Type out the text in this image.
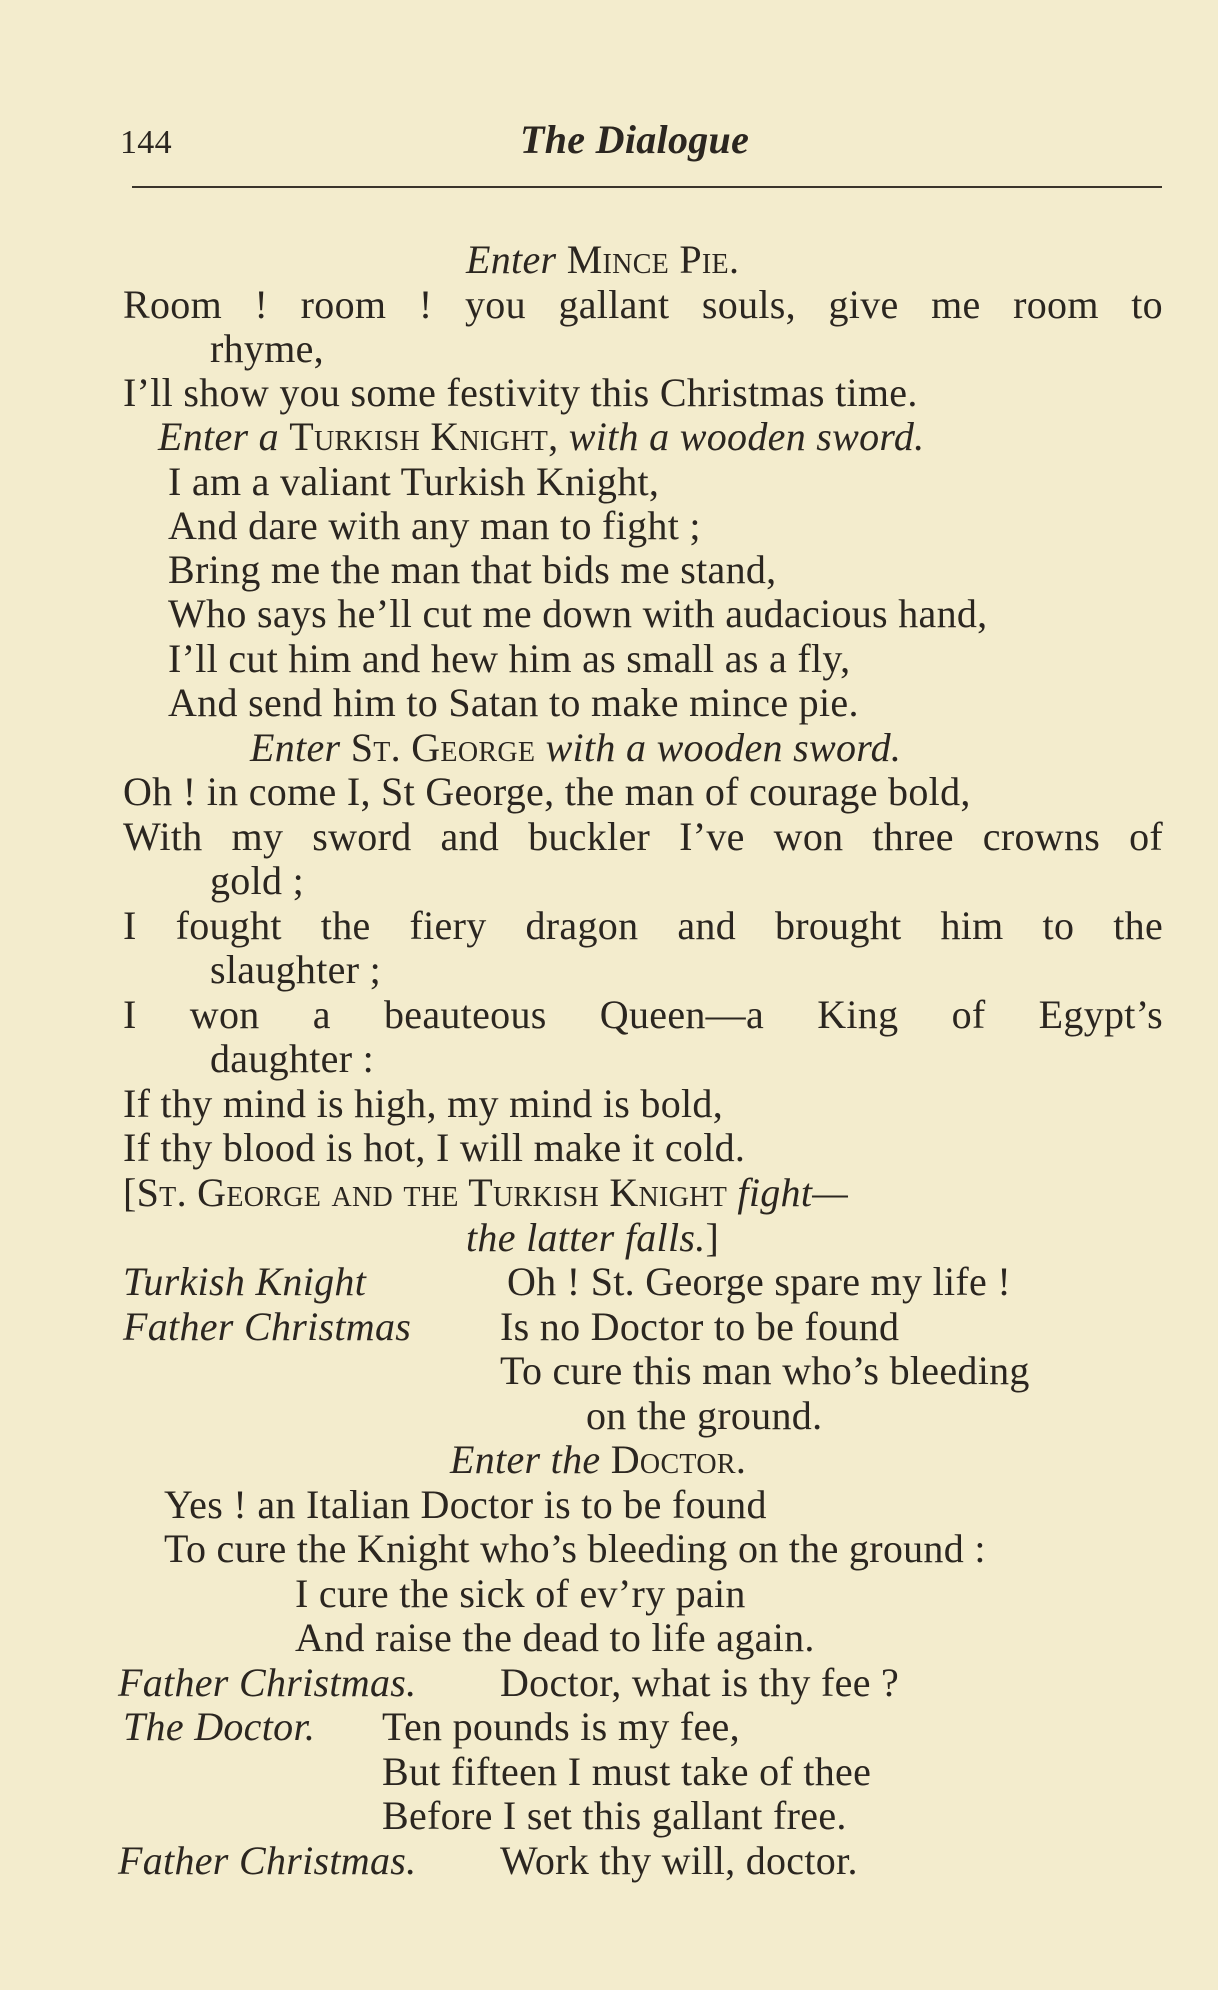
144	The Dialogue
Enter Mince Pie.
Room ! room ! you gallant souls, give me room to
rhyme,
I’ll show you some festivity this Christmas time.
Enter a Turkish Knight, with a wooden sword.
I am a valiant Turkish Knight,
And dare with any man to fight ;
Bring me the man that bids me stand,
Who says he’ll cut me down with audacious hand,
I’ll cut him and hew him as small as a fly,
And send him to Satan to make mince pie.
Enter St. George with a wooden sword.
Oh ! in come I, St George, the man of courage bold,
With my sword and buckler I’ve won three crowns of
gold ;
I fought the fiery dragon and brought him to the
slaughter ;
I won a beauteous Queen—a King of Egypt’s
daughter :
If thy mind is high, my mind is bold,
If thy blood is hot, I will make it cold.
[St. George and the Turkish Knight fight—
the latter falls.]
Turkish Knight	Oh ! St. George spare my life !
Father Christmas Is no Doctor to be found
To cure this man who’s bleeding
on the ground.
Enter the Doctor.
Yes ! an Italian Doctor is to be found
To cure the Knight who’s bleeding on the ground :
I cure the sick of ev’ry pain
And raise the dead to life again.
Father Christmas. Doctor, what is thy fee ?
The Doctor. Ten pounds is my fee,
But fifteen I must take of thee
Before I set this gallant free.
Father Christmas. Work thy will, doctor.
